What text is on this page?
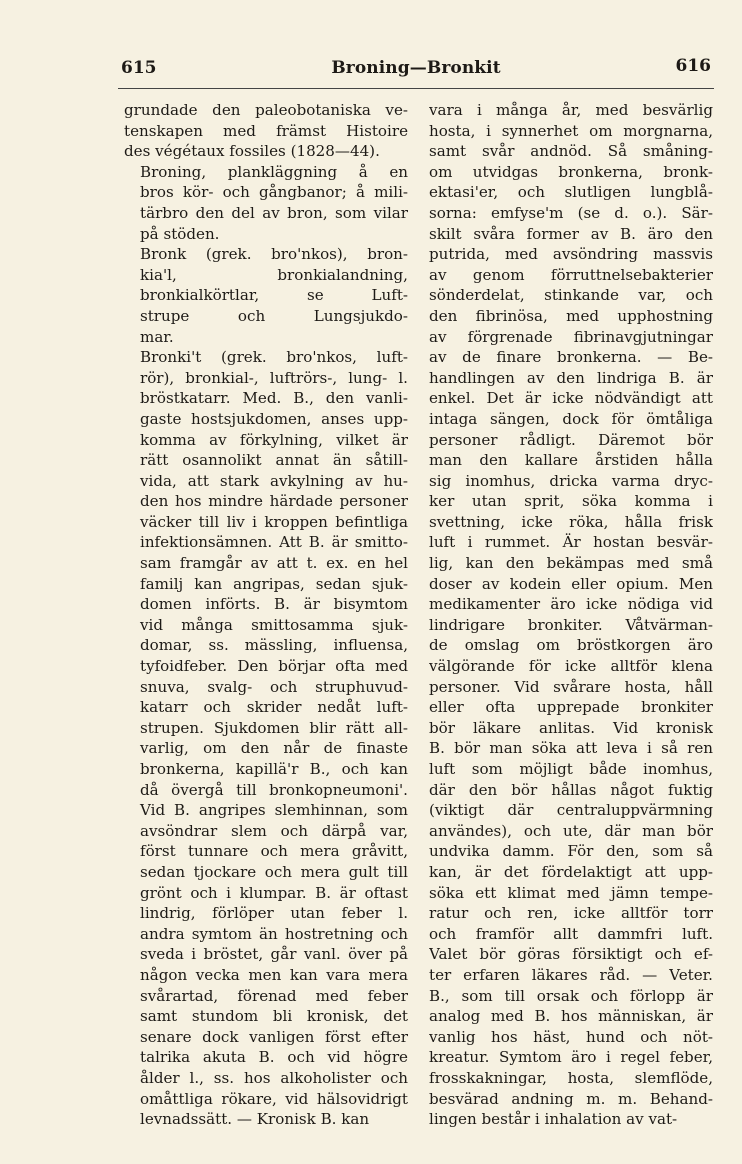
615	Broning—Bronkit	616

grundade den paleobotaniska ve-
tenskapen med främst Histoire
des végétaux fossiles (1828—44).

Broning, plankläggning å en
bros kör- och gångbanor; å mili-
tärbro den del av bron, som vilar
på stöden.

Bronk (grek. bro'nkos), bron-
kia'l, bronkialandning,
bronkialkörtlar, se Luft-
strupe och Lungsjukdo-
mar.

Bronki't (grek. bro'nkos, luft-
rör), bronkial-, luftrörs-, lung- l.
bröstkatarr. Med. B., den vanli-
gaste hostsjukdomen, anses upp-
komma av förkylning, vilket är
rätt osannolikt annat än såtill-
vida, att stark avkylning av hu-
den hos mindre härdade personer
väcker till liv i kroppen befintliga
infektionsämnen. Att B. är smitto-
sam framgår av att t. ex. en hel
familj kan angripas, sedan sjuk-
domen införts. B. är bisymtom
vid många smittosamma sjuk-
domar, ss. mässling, influensa,
tyfoidfeber. Den börjar ofta med
snuva, svalg- och struphuvud-
katarr och skrider nedåt luft-
strupen. Sjukdomen blir rätt all-
varlig, om den når de finaste
bronkerna, kapillä'r B., och kan
då övergå till bronkopneumoni'.
Vid B. angripes slemhinnan, som
avsöndrar slem och därpå var,
först tunnare och mera gråvitt,
sedan tjockare och mera gult till
grönt och i klumpar. B. är oftast
lindrig, förlöper utan feber l.
andra symtom än hostretning och
sveda i bröstet, går vanl. över på
någon vecka men kan vara mera
svårartad, förenad med feber
samt stundom bli kronisk, det
senare dock vanligen först efter
talrika akuta B. och vid högre
ålder l., ss. hos alkoholister och
omåttliga rökare, vid hälsovidrigt
levnadssätt. — Kronisk B. kan

vara i många år, med besvärlig
hosta, i synnerhet om morgnarna,
samt svår andnöd. Så småning-
om utvidgas bronkerna, bronk-
ektasi'er, och slutligen lungblå-
sorna: emfyse'm (se d. o.). Sär-
skilt svåra former av B. äro den
putrida, med avsöndring massvis
av genom förruttnelsebakterier
sönderdelat, stinkande var, och
den fibrinösa, med upphostning
av förgrenade fibrinavgjutningar
av de finare bronkerna. — Be-
handlingen av den lindriga B. är
enkel. Det är icke nödvändigt att
intaga sängen, dock för ömtåliga
personer rådligt. Däremot bör
man den kallare årstiden hålla
sig inomhus, dricka varma dryc-
ker utan sprit, söka komma i
svettning, icke röka, hålla frisk
luft i rummet. Är hostan besvär-
lig, kan den bekämpas med små
doser av kodein eller opium. Men
medikamenter äro icke nödiga vid
lindrigare bronkiter. Våtvärman-
de omslag om bröstkorgen äro
välgörande för icke alltför klena
personer. Vid svårare hosta, håll
eller ofta upprepade bronkiter
bör läkare anlitas. Vid kronisk
B. bör man söka att leva i så ren
luft som möjligt både inomhus,
där den bör hållas något fuktig
(viktigt där centraluppvärmning
användes), och ute, där man bör
undvika damm. För den, som så
kan, är det fördelaktigt att upp-
söka ett klimat med jämn tempe-
ratur och ren, icke alltför torr
och framför allt dammfri luft.
Valet bör göras försiktigt och ef-
ter erfaren läkares råd. — Veter.
B., som till orsak och förlopp är
analog med B. hos människan, är
vanlig hos häst, hund och nöt-
kreatur. Symtom äro i regel feber,
frosskakningar, hosta, slemflöde,
besvärad andning m. m. Behand-
lingen består i inhalation av vat-
